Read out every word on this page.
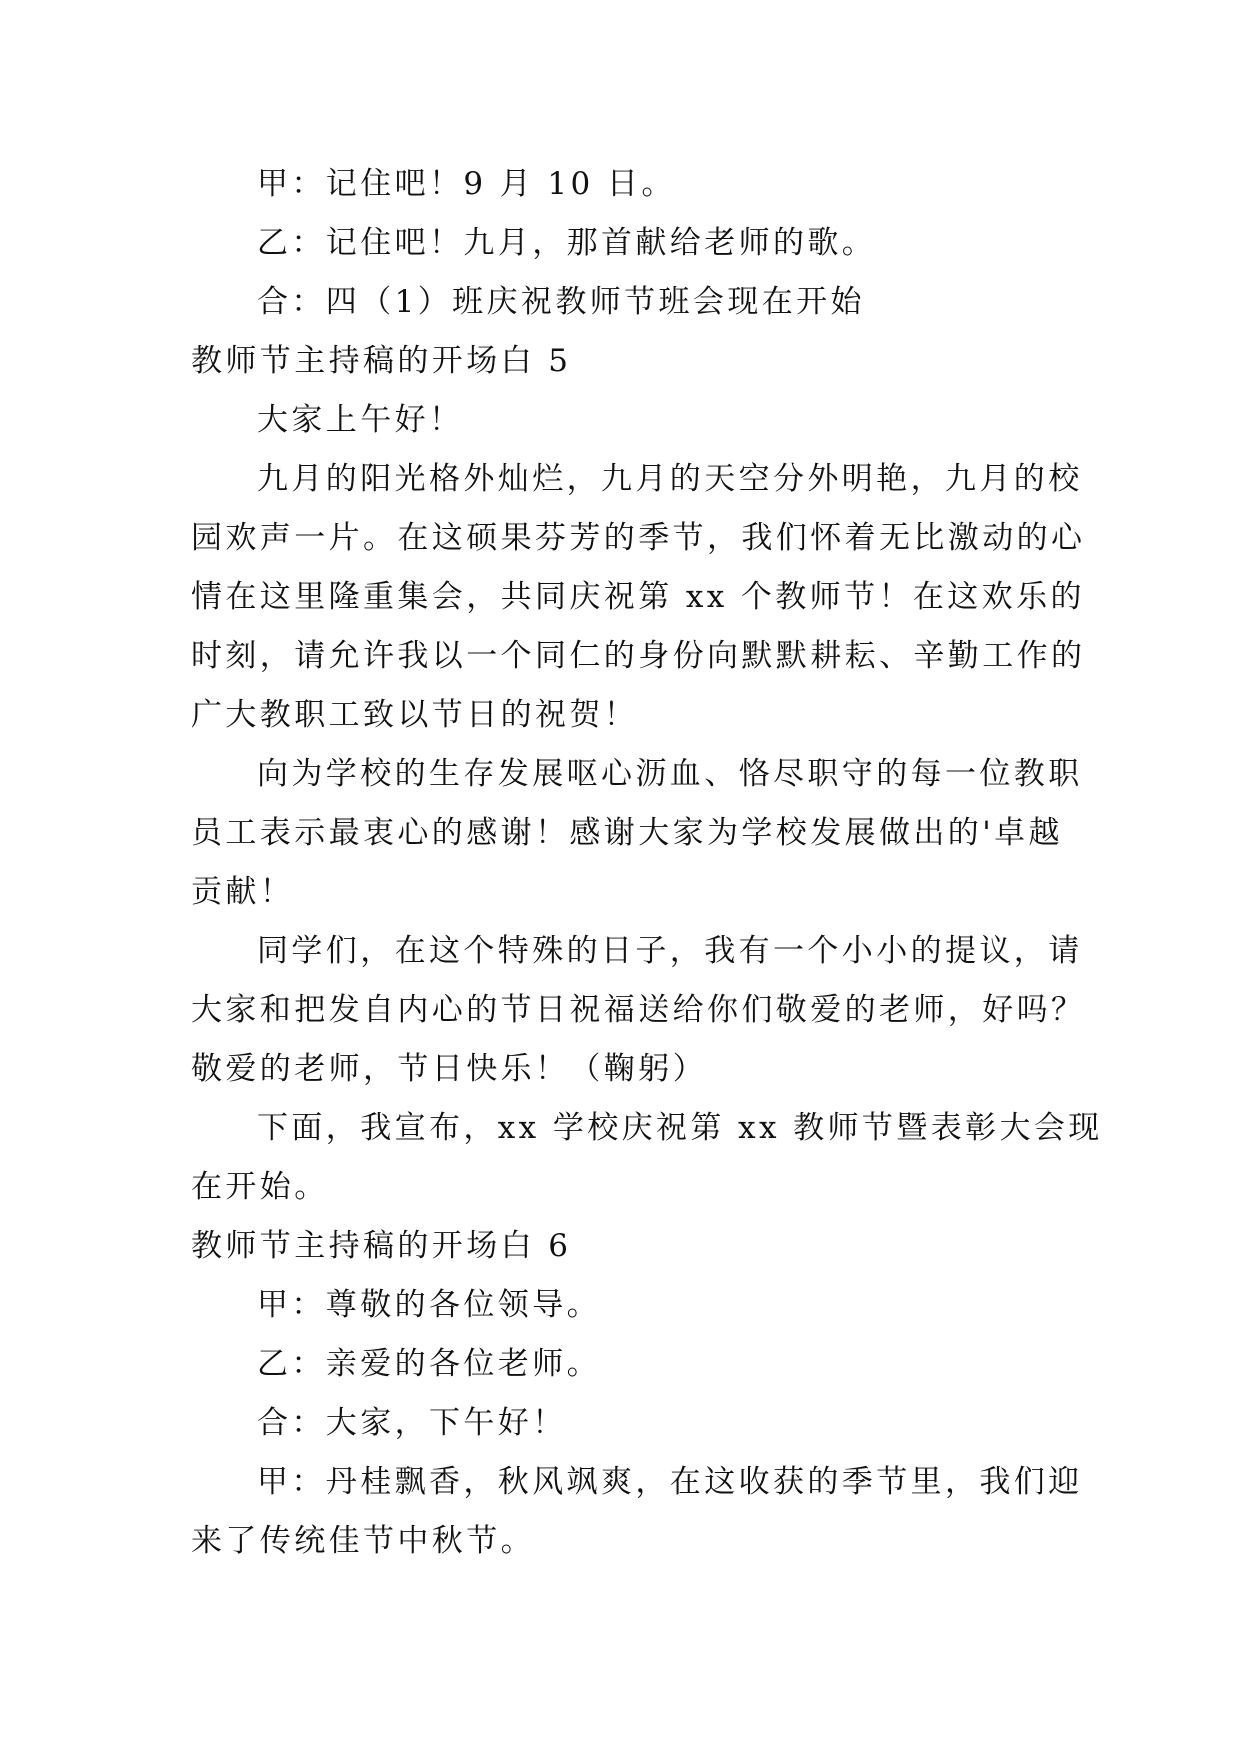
甲：记住吧！9 月 10 日。
乙：记住吧！九月，那首献给老师的歌。
合：四（1）班庆祝教师节班会现在开始
教师节主持稿的开场白 5
大家上午好！
九月的阳光格外灿烂，九月的天空分外明艳，九月的校
园欢声一片。在这硕果芬芳的季节，我们怀着无比激动的心
情在这里隆重集会，共同庆祝第 xx 个教师节！在这欢乐的
时刻，请允许我以一个同仁的身份向默默耕耘、辛勤工作的
广大教职工致以节日的祝贺！
向为学校的生存发展呕心沥血、恪尽职守的每一位教职
员工表示最衷心的感谢！感谢大家为学校发展做出的'卓越
贡献！
同学们，在这个特殊的日子，我有一个小小的提议，请
大家和把发自内心的节日祝福送给你们敬爱的老师，好吗？
敬爱的老师，节日快乐！（鞠躬）
下面，我宣布，xx 学校庆祝第 xx 教师节暨表彰大会现
在开始。
教师节主持稿的开场白 6
甲：尊敬的各位领导。
乙：亲爱的各位老师。
合：大家，下午好！
甲：丹桂飘香，秋风飒爽，在这收获的季节里，我们迎
来了传统佳节中秋节。
